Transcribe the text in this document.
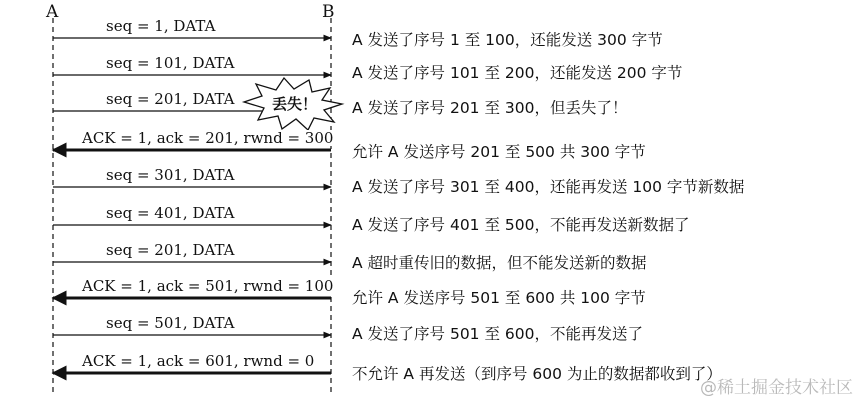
A	B
seq = 1, DATA
seq = 101, DATA
seq = 201, DATA
ACK = 1, ack = 201, rwnd = 300
seq = 301, DATA
seq = 401, DATA
seq = 201, DATA
ACK = 1, ack = 501, rwnd = 100
seq = 501, DATA
ACK = 1, ack = 601, rwnd = 0
A 发送了序号 1 至 100，还能发送 300 字节
A 发送了序号 101 至 200，还能发送 200 字节
A 发送了序号 201 至 300，但丢失了！
允许 A 发送序号 201 至 500 共 300 字节
A 发送了序号 301 至 400，还能再发送 100 字节新数据
A 发送了序号 401 至 500，不能再发送新数据了
A 超时重传旧的数据，但不能发送新的数据
允许 A 发送序号 501 至 600 共 100 字节
A 发送了序号 501 至 600，不能再发送了
不允许 A 再发送（到序号 600 为止的数据都收到了）
丢失！
@稀土掘金技术社区
